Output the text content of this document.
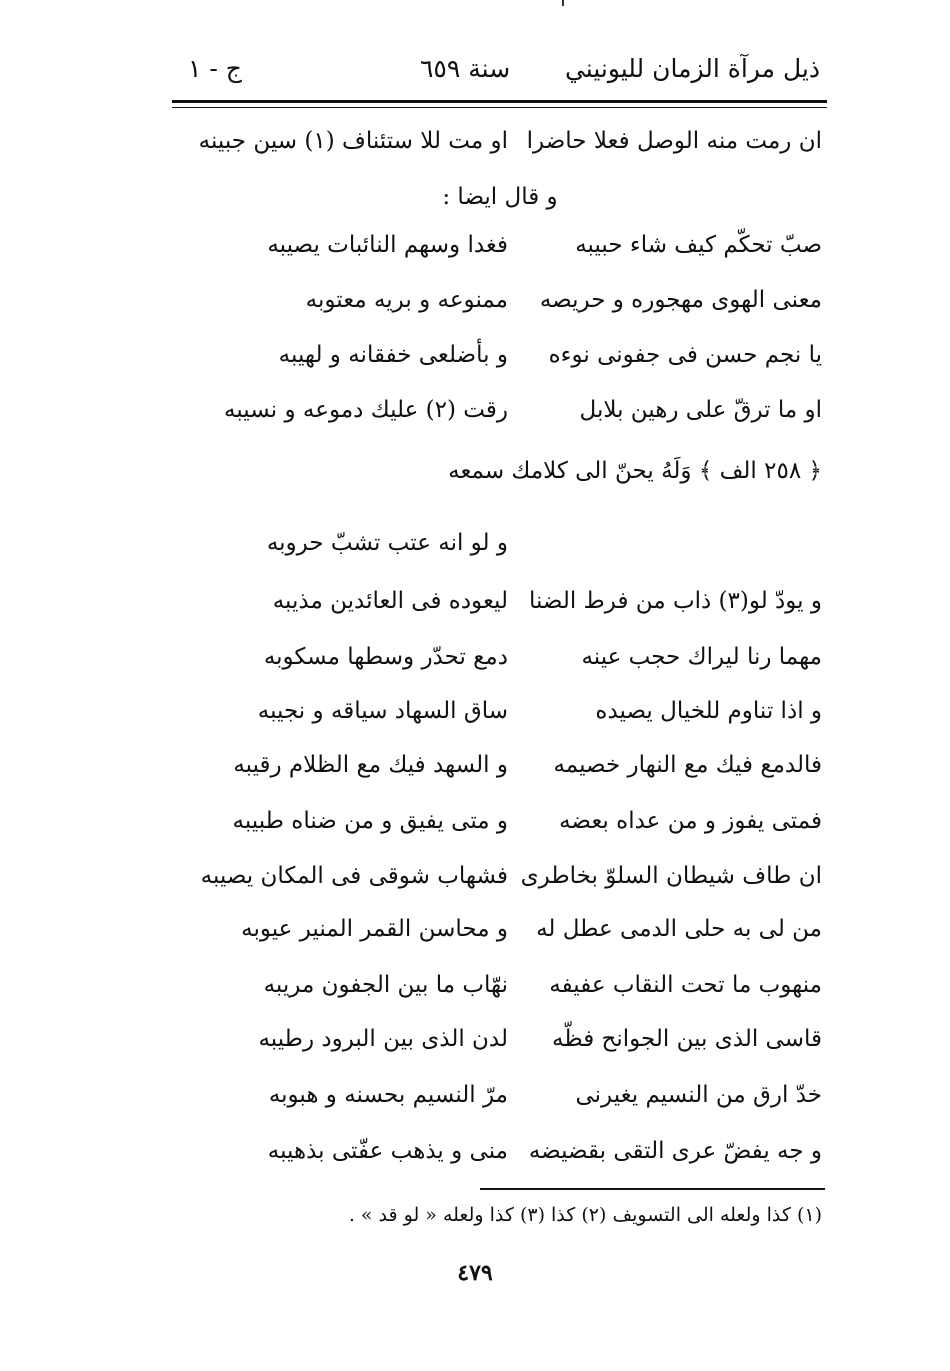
ذيل مرآة الزمان لليونيني
سنة ٦٥٩
ج - ١
ان رمت منه الوصل فعلا حاضرا
او مت للا ستئناف (١) سين جبينه
و قال ايضا :
صبّ تحكّم كيف شاء حبيبه
فغدا وسهم النائبات يصيبه
معنى الهوى مهجوره و حريصه
ممنوعه و بريه معتوبه
يا نجم حسن فى جفونى نوءه
و بأضلعى خفقانه و لهيبه
او ما ترقّ على رهين بلابل
رقت (٢) عليك دموعه و نسيبه
﴿ ٢٥٨ الف ﴾ وَلَهُ يحنّ الى كلامك سمعه
و لو انه عتب تشبّ حروبه
و يودّ لو(٣) ذاب من فرط الضنا
ليعوده فى العائدين مذيبه
مهما رنا ليراك حجب عينه
دمع تحدّر وسطها مسكوبه
و اذا تناوم للخيال يصيده
ساق السهاد سياقه و نجيبه
فالدمع فيك مع النهار خصيمه
و السهد فيك مع الظلام رقيبه
فمتى يفوز و من عداه بعضه
و متى يفيق و من ضناه طبيبه
ان طاف شيطان السلوّ بخاطرى
فشهاب شوقى فى المكان يصيبه
من لى به حلى الدمى عطل له
و محاسن القمر المنير عيوبه
منهوب ما تحت النقاب عفيفه
نهّاب ما بين الجفون مريبه
قاسى الذى بين الجوانح فظّه
لدن الذى بين البرود رطيبه
خدّ ارق من النسيم يغيرنى
مرّ النسيم بحسنه و هبوبه
و جه يفضّ عرى التقى بقضيضه
منى و يذهب عفّتى بذهيبه
(١) كذا ولعله الى التسويف (٢) كذا (٣) كذا ولعله « لو قد » .
٤٧٩
